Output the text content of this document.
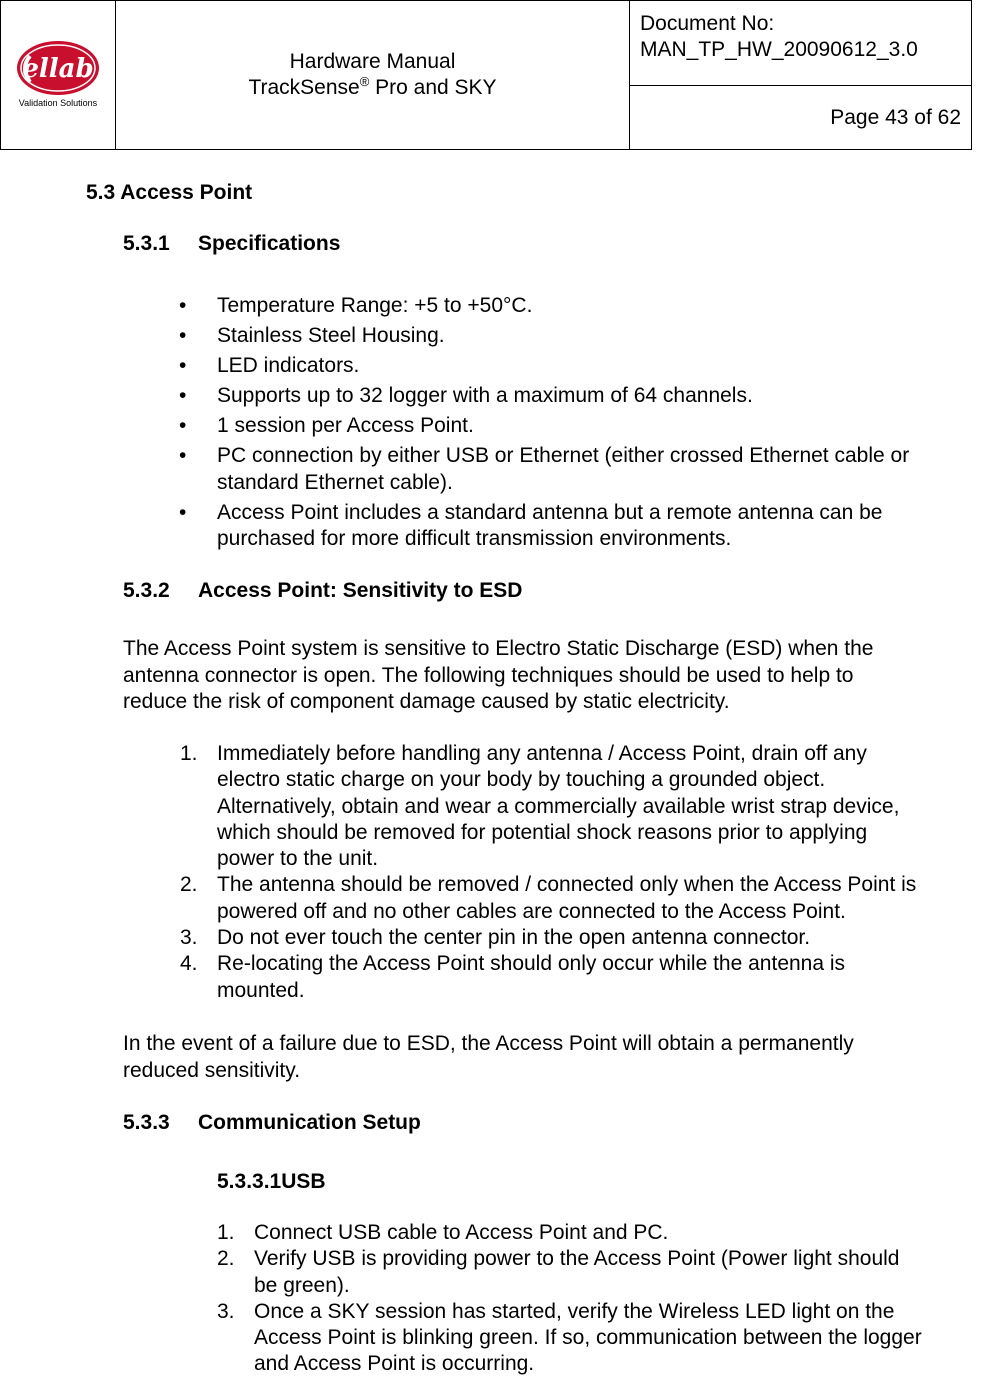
ellab
Validation Solutions

Hardware Manual
TrackSense® Pro and SKY

Document No:
MAN_TP_HW_20090612_3.0

Page 43 of 62
5.3 Access Point
5.3.1 Specifications
• Temperature Range: +5 to +50°C.
• Stainless Steel Housing.
• LED indicators.
• Supports up to 32 logger with a maximum of 64 channels.
• 1 session per Access Point.
• PC connection by either USB or Ethernet (either crossed Ethernet cable or
standard Ethernet cable).
• Access Point includes a standard antenna but a remote antenna can be
purchased for more difficult transmission environments.
5.3.2 Access Point: Sensitivity to ESD
The Access Point system is sensitive to Electro Static Discharge (ESD) when the
antenna connector is open. The following techniques should be used to help to
reduce the risk of component damage caused by static electricity.
1. Immediately before handling any antenna / Access Point, drain off any
electro static charge on your body by touching a grounded object.
Alternatively, obtain and wear a commercially available wrist strap device,
which should be removed for potential shock reasons prior to applying
power to the unit.
2. The antenna should be removed / connected only when the Access Point is
powered off and no other cables are connected to the Access Point.
3. Do not ever touch the center pin in the open antenna connector.
4. Re-locating the Access Point should only occur while the antenna is
mounted.
In the event of a failure due to ESD, the Access Point will obtain a permanently
reduced sensitivity.
5.3.3 Communication Setup
5.3.3.1USB
1. Connect USB cable to Access Point and PC.
2. Verify USB is providing power to the Access Point (Power light should
be green).
3. Once a SKY session has started, verify the Wireless LED light on the
Access Point is blinking green. If so, communication between the logger
and Access Point is occurring.
